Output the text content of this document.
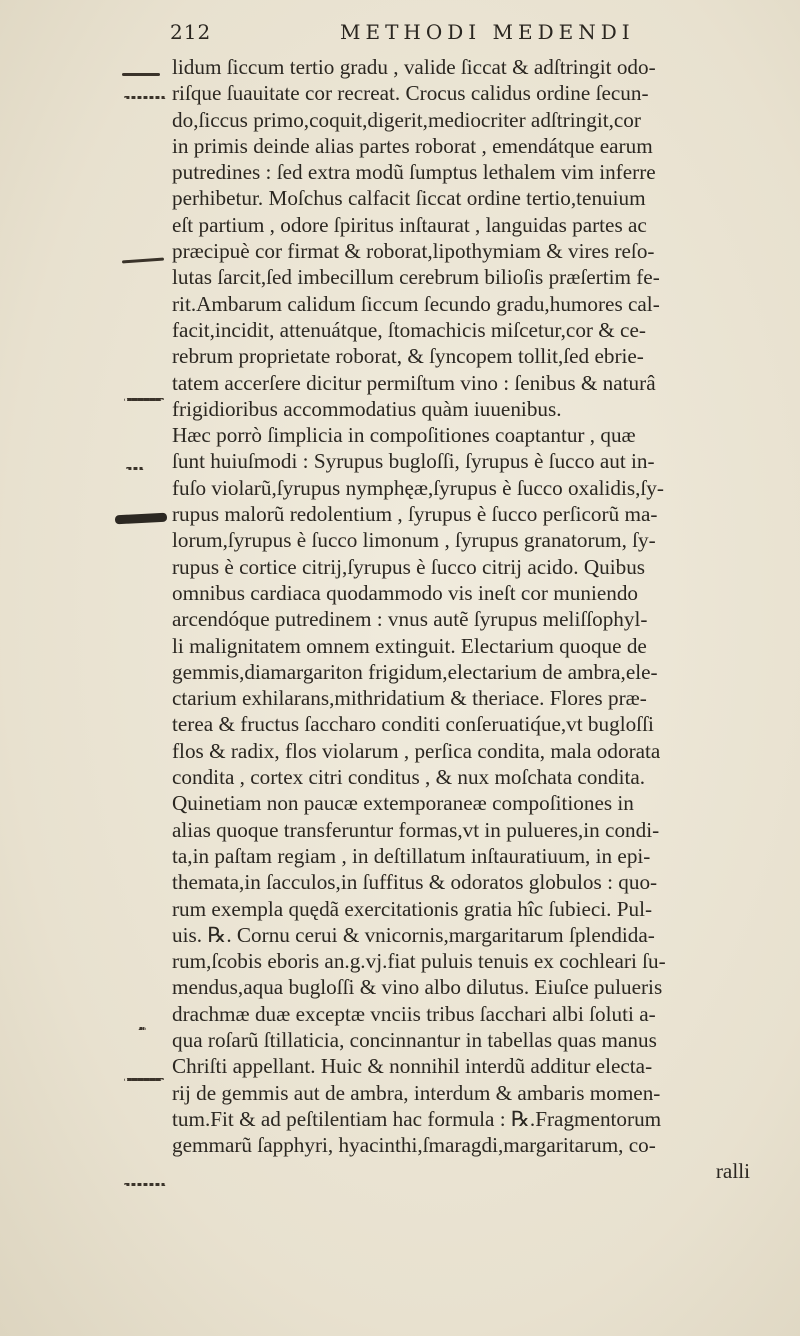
212	METHODI MEDENDI
lidum ſiccum tertio gradu , valide ſiccat & adſtringit odo-
riſque ſuauitate cor recreat. Crocus calidus ordine ſecun-
do,ſiccus primo,coquit,digerit,mediocriter adſtringit,cor
in primis deinde alias partes roborat , emendátque earum
putredines : ſed extra modũ ſumptus lethalem vim inferre
perhibetur. Moſchus calfacit ſiccat ordine tertio,tenuium
eſt partium , odore ſpiritus inſtaurat , languidas partes ac
præcipuè cor firmat & roborat,lipothymiam & vires reſo-
lutas ſarcit,ſed imbecillum cerebrum bilioſis præſertim fe-
rit.Ambarum calidum ſiccum ſecundo gradu,humores cal-
facit,incidit, attenuátque, ſtomachicis miſcetur,cor & ce-
rebrum proprietate roborat, & ſyncopem tollit,ſed ebrie-
tatem accerſere dicitur permiſtum vino : ſenibus & naturâ
frigidioribus accommodatius quàm iuuenibus.
Hæc porrò ſimplicia in compoſitiones coaptantur , quæ
ſunt huiuſmodi : Syrupus bugloſſi, ſyrupus è ſucco aut in-
fuſo violarũ,ſyrupus nymphęæ,ſyrupus è ſucco oxalidis,ſy-
rupus malorũ redolentium , ſyrupus è ſucco perſicorũ ma-
lorum,ſyrupus è ſucco limonum , ſyrupus granatorum, ſy-
rupus è cortice citrij,ſyrupus è ſucco citrij acido. Quibus
omnibus cardiaca quodammodo vis ineſt cor muniendo
arcendóque putredinem : vnus autẽ ſyrupus meliſſophyl-
li malignitatem omnem extinguit. Electarium quoque de
gemmis,diamargariton frigidum,electarium de ambra,ele-
ctarium exhilarans,mithridatium & theriace. Flores præ-
terea & fructus ſaccharo conditi conſeruatiq́ue,vt bugloſſi
flos & radix, flos violarum , perſica condita, mala odorata
condita , cortex citri conditus , & nux moſchata condita.
Quinetiam non paucæ extemporaneæ compoſitiones in
alias quoque transferuntur formas,vt in pulueres,in condi-
ta,in paſtam regiam , in deſtillatum inſtauratiuum, in epi-
themata,in ſacculos,in ſuffitus & odoratos globulos : quo-
rum exempla quędã exercitationis gratia hîc ſubieci. Pul-
uis. ℞. Cornu cerui & vnicornis,margaritarum ſplendida-
rum,ſcobis eboris an.g.vj.fiat puluis tenuis ex cochleari ſu-
mendus,aqua bugloſſi & vino albo dilutus. Eiuſce pulueris
drachmæ duæ exceptæ vnciis tribus ſacchari albi ſoluti a-
qua roſarũ ſtillaticia, concinnantur in tabellas quas manus
Chriſti appellant. Huic & nonnihil interdũ additur electa-
rij de gemmis aut de ambra, interdum & ambaris momen-
tum.Fit & ad peſtilentiam hac formula : ℞.Fragmentorum
gemmarũ ſapphyri, hyacinthi,ſmaragdi,margaritarum, co-
ralli
